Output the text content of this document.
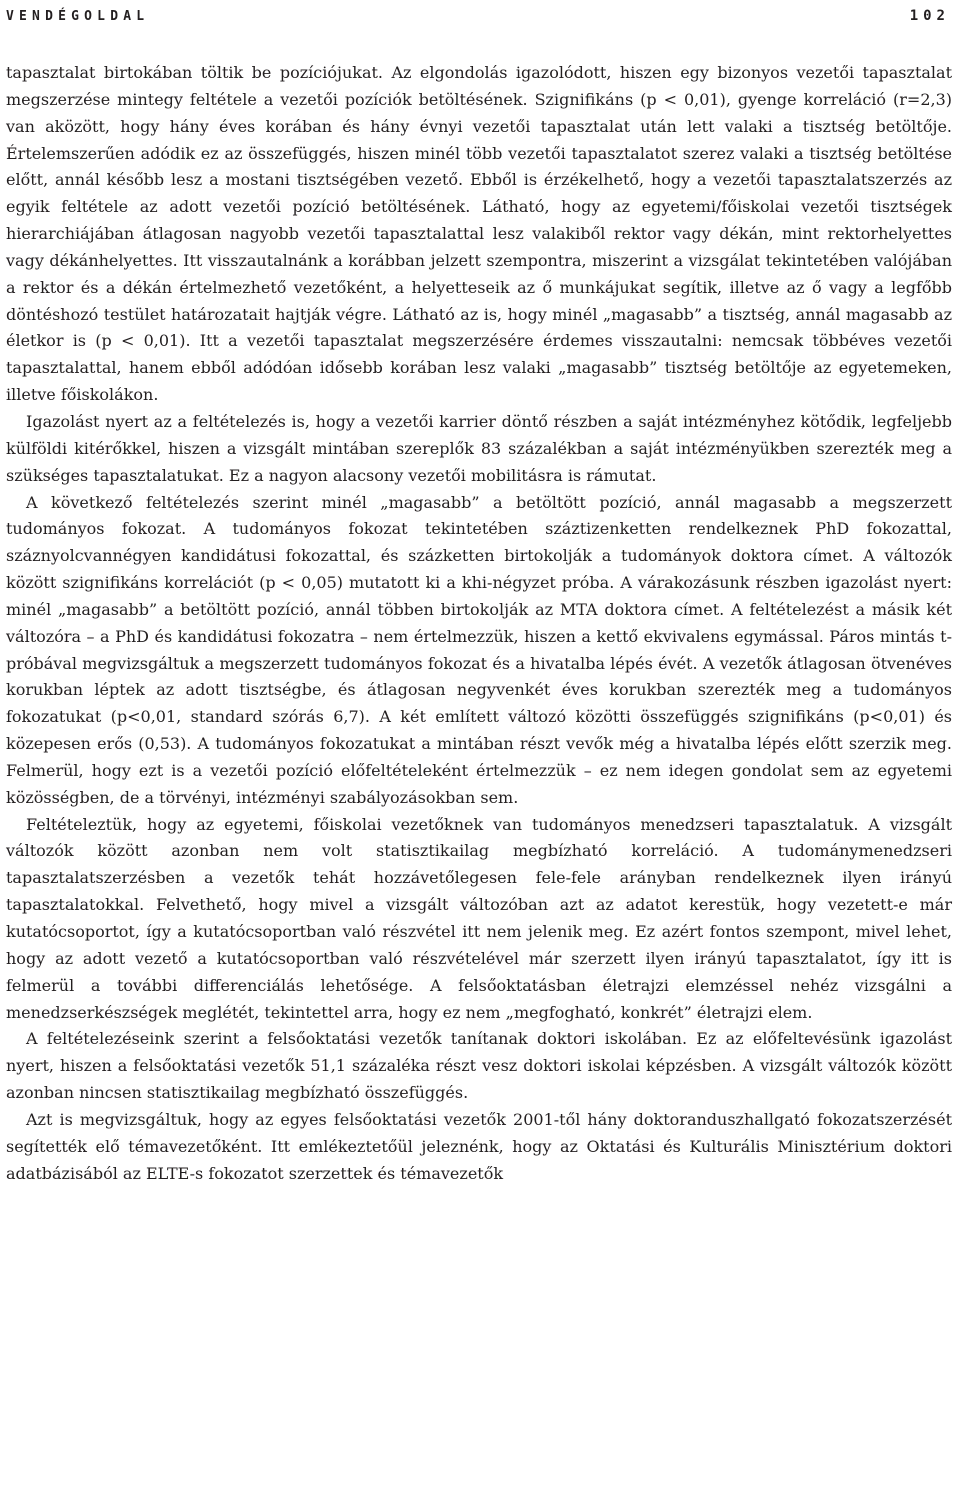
VENDÉGOLDAL	102

tapasztalat birtokában töltik be pozíciójukat. Az elgondolás igazolódott, hiszen egy bizonyos vezetői tapasztalat megszerzése mintegy feltétele a vezetői pozíciók betöltésének. Szignifikáns (p < 0,01), gyenge korreláció (r=2,3) van aközött, hogy hány éves korában és hány évnyi vezetői tapasztalat után lett valaki a tisztség betöltője. Értelemszerűen adódik ez az összefüggés, hiszen minél több vezetői tapasztalatot szerez valaki a tisztség betöltése előtt, annál később lesz a mostani tisztségében vezető. Ebből is érzékelhető, hogy a vezetői tapasztalatszerzés az egyik feltétele az adott vezetői pozíció betöltésének. Látható, hogy az egyetemi/főiskolai vezetői tisztségek hierarchiájában átlagosan nagyobb vezetői tapasztalattal lesz valakiből rektor vagy dékán, mint rektorhelyettes vagy dékánhelyettes. Itt visszautalnánk a korábban jelzett szempontra, miszerint a vizsgálat tekintetében valójában a rektor és a dékán értelmezhető vezetőként, a helyetteseik az ő munkájukat segítik, illetve az ő vagy a legfőbb döntéshozó testület határozatait hajtják végre. Látható az is, hogy minél „magasabb” a tisztség, annál magasabb az életkor is (p < 0,01). Itt a vezetői tapasztalat megszerzésére érdemes visszautalni: nemcsak többéves vezetői tapasztalattal, hanem ebből adódóan idősebb korában lesz valaki „magasabb” tisztség betöltője az egyetemeken, illetve főiskolákon.

Igazolást nyert az a feltételezés is, hogy a vezetői karrier döntő részben a saját intézményhez kötődik, legfeljebb külföldi kitérőkkel, hiszen a vizsgált mintában szereplők 83 százalékban a saját intézményükben szerezték meg a szükséges tapasztalatukat. Ez a nagyon alacsony vezetői mobilitásra is rámutat.

A következő feltételezés szerint minél „magasabb” a betöltött pozíció, annál magasabb a megszerzett tudományos fokozat. A tudományos fokozat tekintetében száztizenketten rendelkeznek PhD fokozattal, száznyolcvannégyen kandidátusi fokozattal, és százketten birtokolják a tudományok doktora címet. A változók között szignifikáns korrelációt (p < 0,05) mutatott ki a khi-négyzet próba. A várakozásunk részben igazolást nyert: minél „magasabb” a betöltött pozíció, annál többen birtokolják az MTA doktora címet. A feltételezést a másik két változóra – a PhD és kandidátusi fokozatra – nem értelmezzük, hiszen a kettő ekvivalens egymással. Páros mintás t-próbával megvizsgáltuk a megszerzett tudományos fokozat és a hivatalba lépés évét. A vezetők átlagosan ötvenéves korukban léptek az adott tisztségbe, és átlagosan negyvenkét éves korukban szerezték meg a tudományos fokozatukat (p<0,01, standard szórás 6,7). A két említett változó közötti összefüggés szignifikáns (p<0,01) és közepesen erős (0,53). A tudományos fokozatukat a mintában részt vevők még a hivatalba lépés előtt szerzik meg. Felmerül, hogy ezt is a vezetői pozíció előfeltételeként értelmezzük – ez nem idegen gondolat sem az egyetemi közösségben, de a törvényi, intézményi szabályozásokban sem.

Feltételeztük, hogy az egyetemi, főiskolai vezetőknek van tudományos menedzseri tapasztalatuk. A vizsgált változók között azonban nem volt statisztikailag megbízható korreláció. A tudománymenedzseri tapasztalatszerzésben a vezetők tehát hozzávetőlegesen fele-fele arányban rendelkeznek ilyen irányú tapasztalatokkal. Felvethető, hogy mivel a vizsgált változóban azt az adatot kerestük, hogy vezetett-e már kutatócsoportot, így a kutatócsoportban való részvétel itt nem jelenik meg. Ez azért fontos szempont, mivel lehet, hogy az adott vezető a kutatócsoportban való részvételével már szerzett ilyen irányú tapasztalatot, így itt is felmerül a további differenciálás lehetősége. A felsőoktatásban életrajzi elemzéssel nehéz vizsgálni a menedzserkészségek meglétét, tekintettel arra, hogy ez nem „megfogható, konkrét” életrajzi elem.

A feltételezéseink szerint a felsőoktatási vezetők tanítanak doktori iskolában. Ez az előfeltevésünk igazolást nyert, hiszen a felsőoktatási vezetők 51,1 százaléka részt vesz doktori iskolai képzésben. A vizsgált változók között azonban nincsen statisztikailag megbízható összefüggés.

Azt is megvizsgáltuk, hogy az egyes felsőoktatási vezetők 2001-től hány doktoranduszhallgató fokozatszerzését segítették elő témavezetőként. Itt emlékeztetőül jeleznénk, hogy az Oktatási és Kulturális Minisztérium doktori adatbázisából az ELTE-s fokozatot szerzettek és témavezetők
